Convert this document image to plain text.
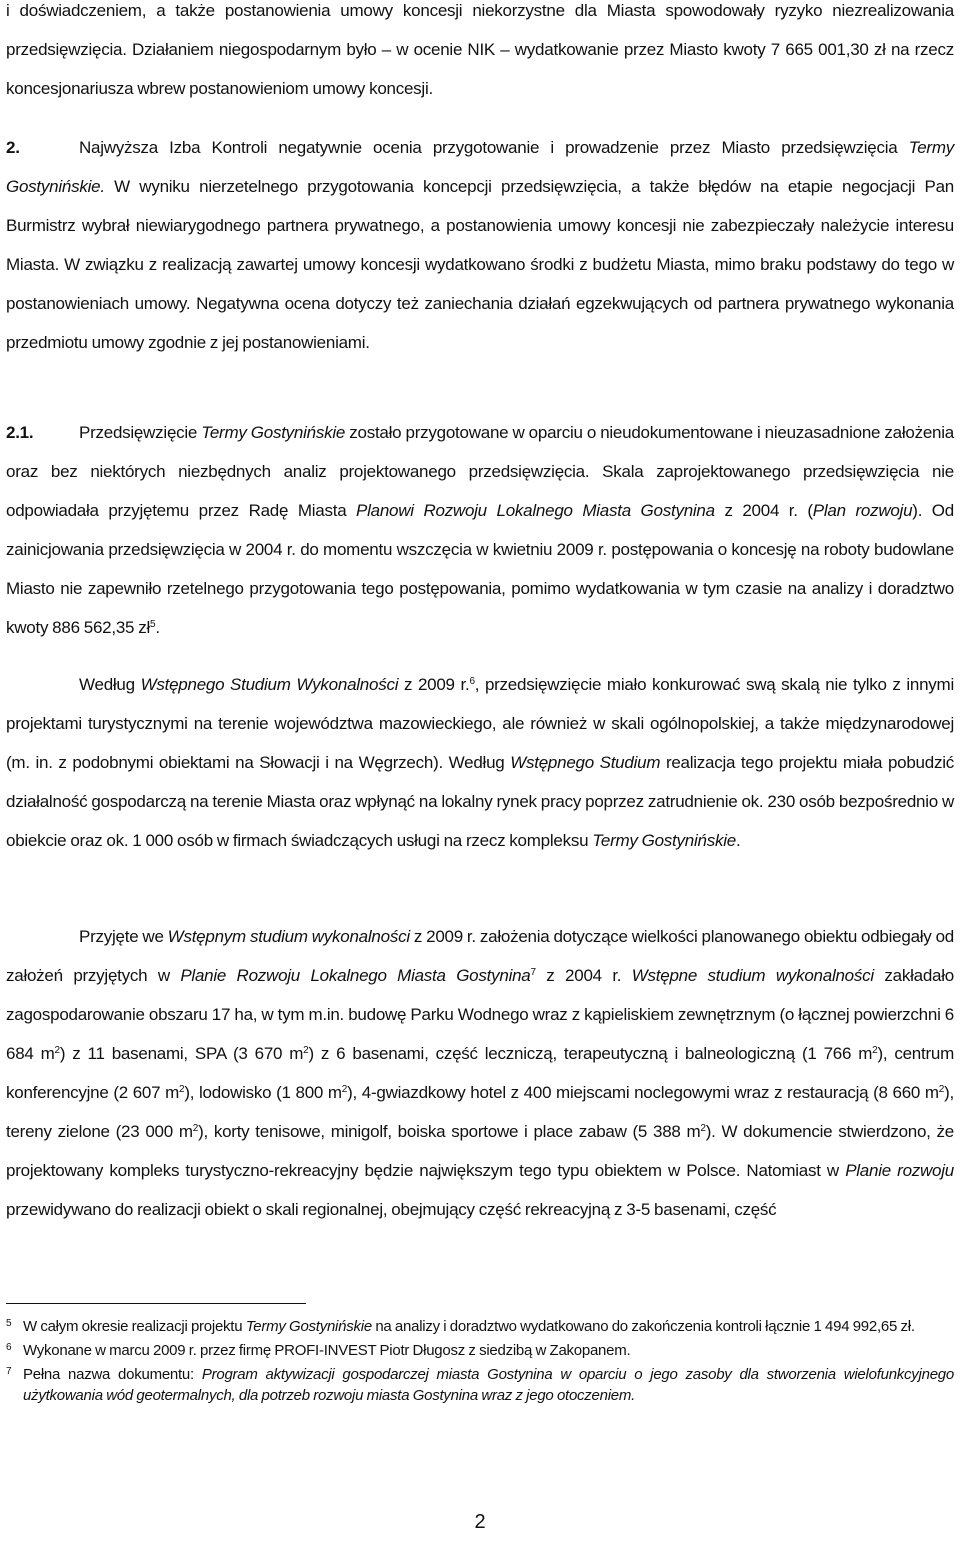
i doświadczeniem, a także postanowienia umowy koncesji niekorzystne dla Miasta spowodowały ryzyko niezrealizowania przedsięwzięcia. Działaniem niegospodarnym było – w ocenie NIK – wydatkowanie przez Miasto kwoty 7 665 001,30 zł na rzecz koncesjonariusza wbrew postanowieniom umowy koncesji.

2.	Najwyższa Izba Kontroli negatywnie ocenia przygotowanie i prowadzenie przez Miasto przedsięwzięcia Termy Gostynińskie. W wyniku nierzetelnego przygotowania koncepcji przedsięwzięcia, a także błędów na etapie negocjacji Pan Burmistrz wybrał niewiarygodnego partnera prywatnego, a postanowienia umowy koncesji nie zabezpieczały należycie interesu Miasta. W związku z realizacją zawartej umowy koncesji wydatkowano środki z budżetu Miasta, mimo braku podstawy do tego w postanowieniach umowy. Negatywna ocena dotyczy też zaniechania działań egzekwujących od partnera prywatnego wykonania przedmiotu umowy zgodnie z jej postanowieniami.

2.1.	Przedsięwzięcie Termy Gostynińskie zostało przygotowane w oparciu o nieudokumentowane i nieuzasadnione założenia oraz bez niektórych niezbędnych analiz projektowanego przedsięwzięcia. Skala zaprojektowanego przedsięwzięcia nie odpowiadała przyjętemu przez Radę Miasta Planowi Rozwoju Lokalnego Miasta Gostynina z 2004 r. (Plan rozwoju). Od zainicjowania przedsięwzięcia w 2004 r. do momentu wszczęcia w kwietniu 2009 r. postępowania o koncesję na roboty budowlane Miasto nie zapewniło rzetelnego przygotowania tego postępowania, pomimo wydatkowania w tym czasie na analizy i doradztwo kwoty 886 562,35 $zł^5$.

Według Wstępnego Studium Wykonalności z 2009 r.$^6$, przedsięwzięcie miało konkurować swą skalą nie tylko z innymi projektami turystycznymi na terenie województwa mazowieckiego, ale również w skali ogólnopolskiej, a także międzynarodowej (m. in. z podobnymi obiektami na Słowacji i na Węgrzech). Według Wstępnego Studium realizacja tego projektu miała pobudzić działalność gospodarczą na terenie Miasta oraz wpłynąć na lokalny rynek pracy poprzez zatrudnienie ok. 230 osób bezpośrednio w obiekcie oraz ok. 1 000 osób w firmach świadczących usługi na rzecz kompleksu Termy Gostynińskie.

Przyjęte we Wstępnym studium wykonalności z 2009 r. założenia dotyczące wielkości planowanego obiektu odbiegały od założeń przyjętych w Planie Rozwoju Lokalnego Miasta Gostynina$^7$ z 2004 r. Wstępne studium wykonalności zakładało zagospodarowanie obszaru 17 ha, w tym m.in. budowę Parku Wodnego wraz z kąpieliskiem zewnętrznym (o łącznej powierzchni 6 684 $m^2$) z 11 basenami, SPA (3 670 $m^2$) z 6 basenami, część leczniczą, terapeutyczną i balneologiczną (1 766 $m^2$), centrum konferencyjne (2 607 $m^2$), lodowisko (1 800 $m^2$), 4-gwiazdkowy hotel z 400 miejscami noclegowymi wraz z restauracją (8 660 $m^2$), tereny zielone (23 000 $m^2$), korty tenisowe, minigolf, boiska sportowe i place zabaw (5 388 $m^2$). W dokumencie stwierdzono, że projektowany kompleks turystyczno-rekreacyjny będzie największym tego typu obiektem w Polsce. Natomiast w Planie rozwoju przewidywano do realizacji obiekt o skali regionalnej, obejmujący część rekreacyjną z 3-5 basenami, część

5 W całym okresie realizacji projektu Termy Gostynińskie na analizy i doradztwo wydatkowano do zakończenia kontroli łącznie 1 494 992,65 zł.

6 Wykonane w marcu 2009 r. przez firmę PROFI-INVEST Piotr Długosz z siedzibą w Zakopanem.

7 Pełna nazwa dokumentu: Program aktywizacji gospodarczej miasta Gostynina w oparciu o jego zasoby dla stworzenia wielofunkcyjnego użytkowania wód geotermalnych, dla potrzeb rozwoju miasta Gostynina wraz z jego otoczeniem.

2
